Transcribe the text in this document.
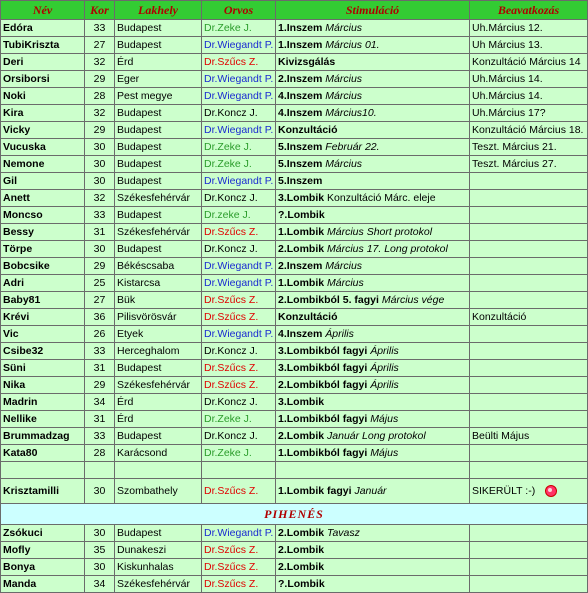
Név	Kor	Lakhely	Orvos	Stimuláció	Beavatkozás
Edóra	33	Budapest	Dr.Zeke J.	1.Inszem Március	Uh.Március 12.
TubiKriszta	27	Budapest	Dr.Wiegandt P.	1.Inszem Március 01.	Uh Március 13.
Deri	32	Érd	Dr.Szűcs Z.	Kivizsgálás	Konzultáció Március 14
Orsiborsi	29	Eger	Dr.Wiegandt P.	2.Inszem Március	Uh.Március 14.
Noki	28	Pest megye	Dr.Wiegandt P.	4.Inszem Március	Uh.Március 14.
Kira	32	Budapest	Dr.Koncz J.	4.Inszem Március10.	Uh.Március 17?
Vicky	29	Budapest	Dr.Wiegandt P.	Konzultáció	Konzultáció Március 18.
Vucuska	30	Budapest	Dr.Zeke J.	5.Inszem Február 22.	Teszt. Március 21.
Nemone	30	Budapest	Dr.Zeke J.	5.Inszem Március	Teszt. Március 27.
Gil	30	Budapest	Dr.Wiegandt P.	5.Inszem	
Anett	32	Székesfehérvár	Dr.Koncz J.	3.Lombik Konzultáció Márc. eleje	
Moncso	33	Budapest	Dr.zeke J.	?.Lombik	
Bessy	31	Székesfehérvár	Dr.Szűcs Z.	1.Lombik Március Short protokol	
Törpe	30	Budapest	Dr.Koncz J.	2.Lombik Március 17. Long protokol	
Bobcsike	29	Békéscsaba	Dr.Wiegandt P.	2.Inszem Március	
Adri	25	Kistarcsa	Dr.Wiegandt P.	1.Lombik Március	
Baby81	27	Bük	Dr.Szűcs Z.	2.Lombikból 5. fagyi Március vége	
Krévi	36	Pilisvörösvár	Dr.Szűcs Z.	Konzultáció	Konzultáció
Vic	26	Etyek	Dr.Wiegandt P.	4.Inszem Április	
Csibe32	33	Herceghalom	Dr.Koncz J.	3.Lombikból fagyi Április	
Süni	31	Budapest	Dr.Szűcs Z.	3.Lombikból fagyi Április	
Nika	29	Székesfehérvár	Dr.Szűcs Z.	2.Lombikból fagyi Április	
Madrin	34	Érd	Dr.Koncz J.	3.Lombik	
Nellike	31	Érd	Dr.Zeke J.	1.Lombikból fagyi Május	
Brummadzag	33	Budapest	Dr.Koncz J.	2.Lombik Január Long protokol	Beülti Május
Kata80	28	Karácsond	Dr.Zeke J.	1.Lombikból fagyi Május	

Krisztamilli	30	Szombathely	Dr.Szűcs Z.	1.Lombik fagyi Január	SIKERÜLT :-)
PIHENÉS					
Zsókuci	30	Budapest	Dr.Wiegandt P.	2.Lombik Tavasz	
Mofly	35	Dunakeszi	Dr.Szűcs Z.	2.Lombik	
Bonya	30	Kiskunhalas	Dr.Szűcs Z.	2.Lombik	
Manda	34	Székesfehérvár	Dr.Szűcs Z.	?.Lombik	
